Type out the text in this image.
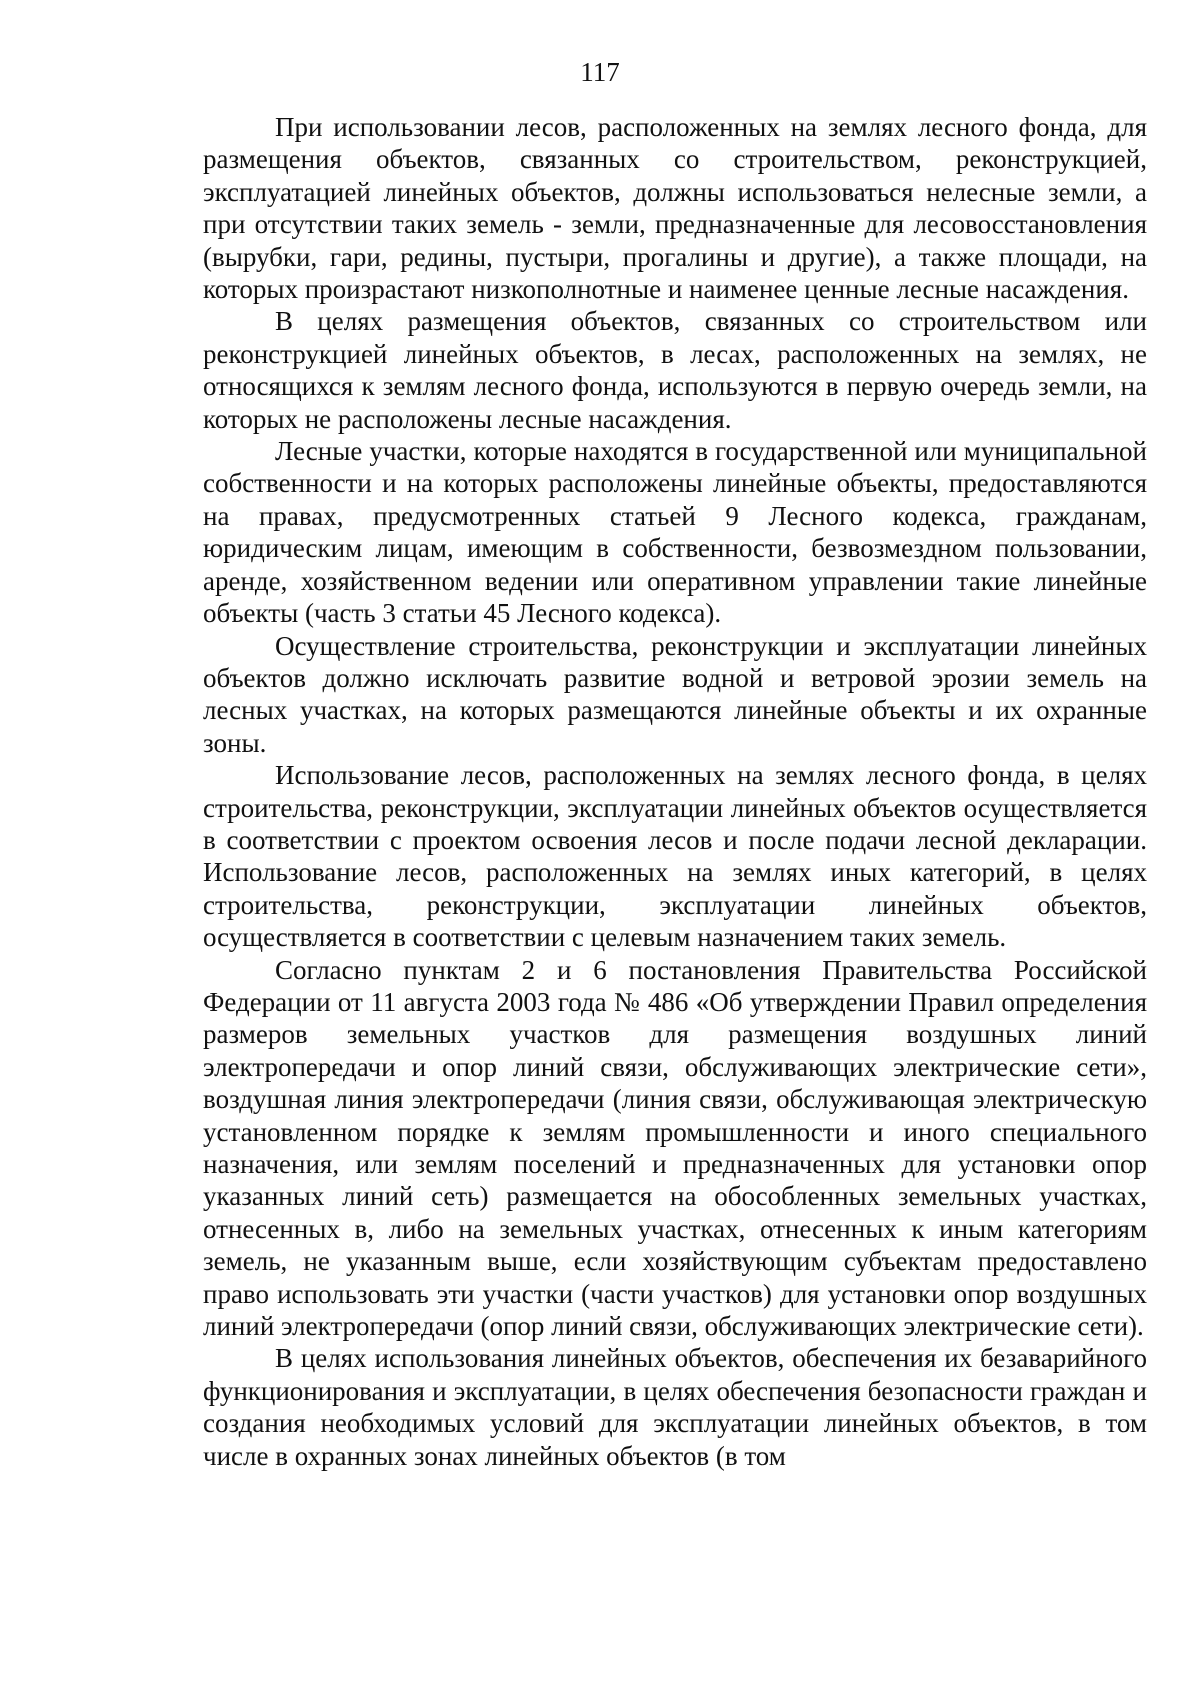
117

При использовании лесов, расположенных на землях лесного фонда, для размещения объектов, связанных со строительством, реконструкцией, эксплуатацией линейных объектов, должны использоваться нелесные земли, а при отсутствии таких земель - земли, предназначенные для лесовосстановления (вырубки, гари, редины, пустыри, прогалины и другие), а также площади, на которых произрастают низкополнотные и наименее ценные лесные насаждения.

В целях размещения объектов, связанных со строительством или реконструкцией линейных объектов, в лесах, расположенных на землях, не относящихся к землям лесного фонда, используются в первую очередь земли, на которых не расположены лесные насаждения.

Лесные участки, которые находятся в государственной или муниципальной собственности и на которых расположены линейные объекты, предоставляются на правах, предусмотренных статьей 9 Лесного кодекса, гражданам, юридическим лицам, имеющим в собственности, безвозмездном пользовании, аренде, хозяйственном ведении или оперативном управлении такие линейные объекты (часть 3 статьи 45 Лесного кодекса).

Осуществление строительства, реконструкции и эксплуатации линейных объектов должно исключать развитие водной и ветровой эрозии земель на лесных участках, на которых размещаются линейные объекты и их охранные зоны.

Использование лесов, расположенных на землях лесного фонда, в целях строительства, реконструкции, эксплуатации линейных объектов осуществляется в соответствии с проектом освоения лесов и после подачи лесной декларации. Использование лесов, расположенных на землях иных категорий, в целях строительства, реконструкции, эксплуатации линейных объектов, осуществляется в соответствии с целевым назначением таких земель.

Согласно пунктам 2 и 6 постановления Правительства Российской Федерации от 11 августа 2003 года № 486 «Об утверждении Правил определения размеров земельных участков для размещения воздушных линий электропередачи и опор линий связи, обслуживающих электрические сети», воздушная линия электропередачи (линия связи, обслуживающая электрическую установленном порядке к землям промышленности и иного специального назначения, или землям поселений и предназначенных для установки опор указанных линий сеть) размещается на обособленных земельных участках, отнесенных в, либо на земельных участках, отнесенных к иным категориям земель, не указанным выше, если хозяйствующим субъектам предоставлено право использовать эти участки (части участков) для установки опор воздушных линий электропередачи (опор линий связи, обслуживающих электрические сети).

В целях использования линейных объектов, обеспечения их безаварийного функционирования и эксплуатации, в целях обеспечения безопасности граждан и создания необходимых условий для эксплуатации линейных объектов, в том числе в охранных зонах линейных объектов (в том
